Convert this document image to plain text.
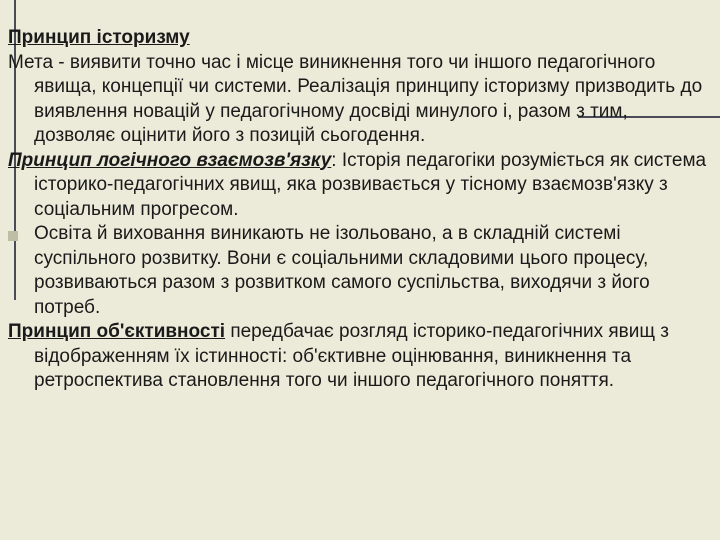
Принцип історизму
Мета - виявити точно час і місце виникнення того чи іншого педагогічного явища, концепції чи системи. Реалізація принципу історизму призводить до виявлення новацій у педагогічному досвіді минулого і, разом з тим, дозволяє оцінити його з позицій сьогодення.
Принцип логічного взаємозв'язку: Історія педагогіки розуміється як система історико-педагогічних явищ, яка розвивається у тісному взаємозв'язку з соціальним прогресом.
Освіта й виховання виникають не ізольовано, а в складній системі суспільного розвитку. Вони є соціальними складовими цього процесу, розвиваються разом з розвитком самого суспільства, виходячи з його потреб.
Принцип об'єктивності передбачає розгляд історико-педагогічних явищ з відображенням їх істинності: об'єктивне оцінювання, виникнення та ретроспектива становлення того чи іншого педагогічного поняття.
